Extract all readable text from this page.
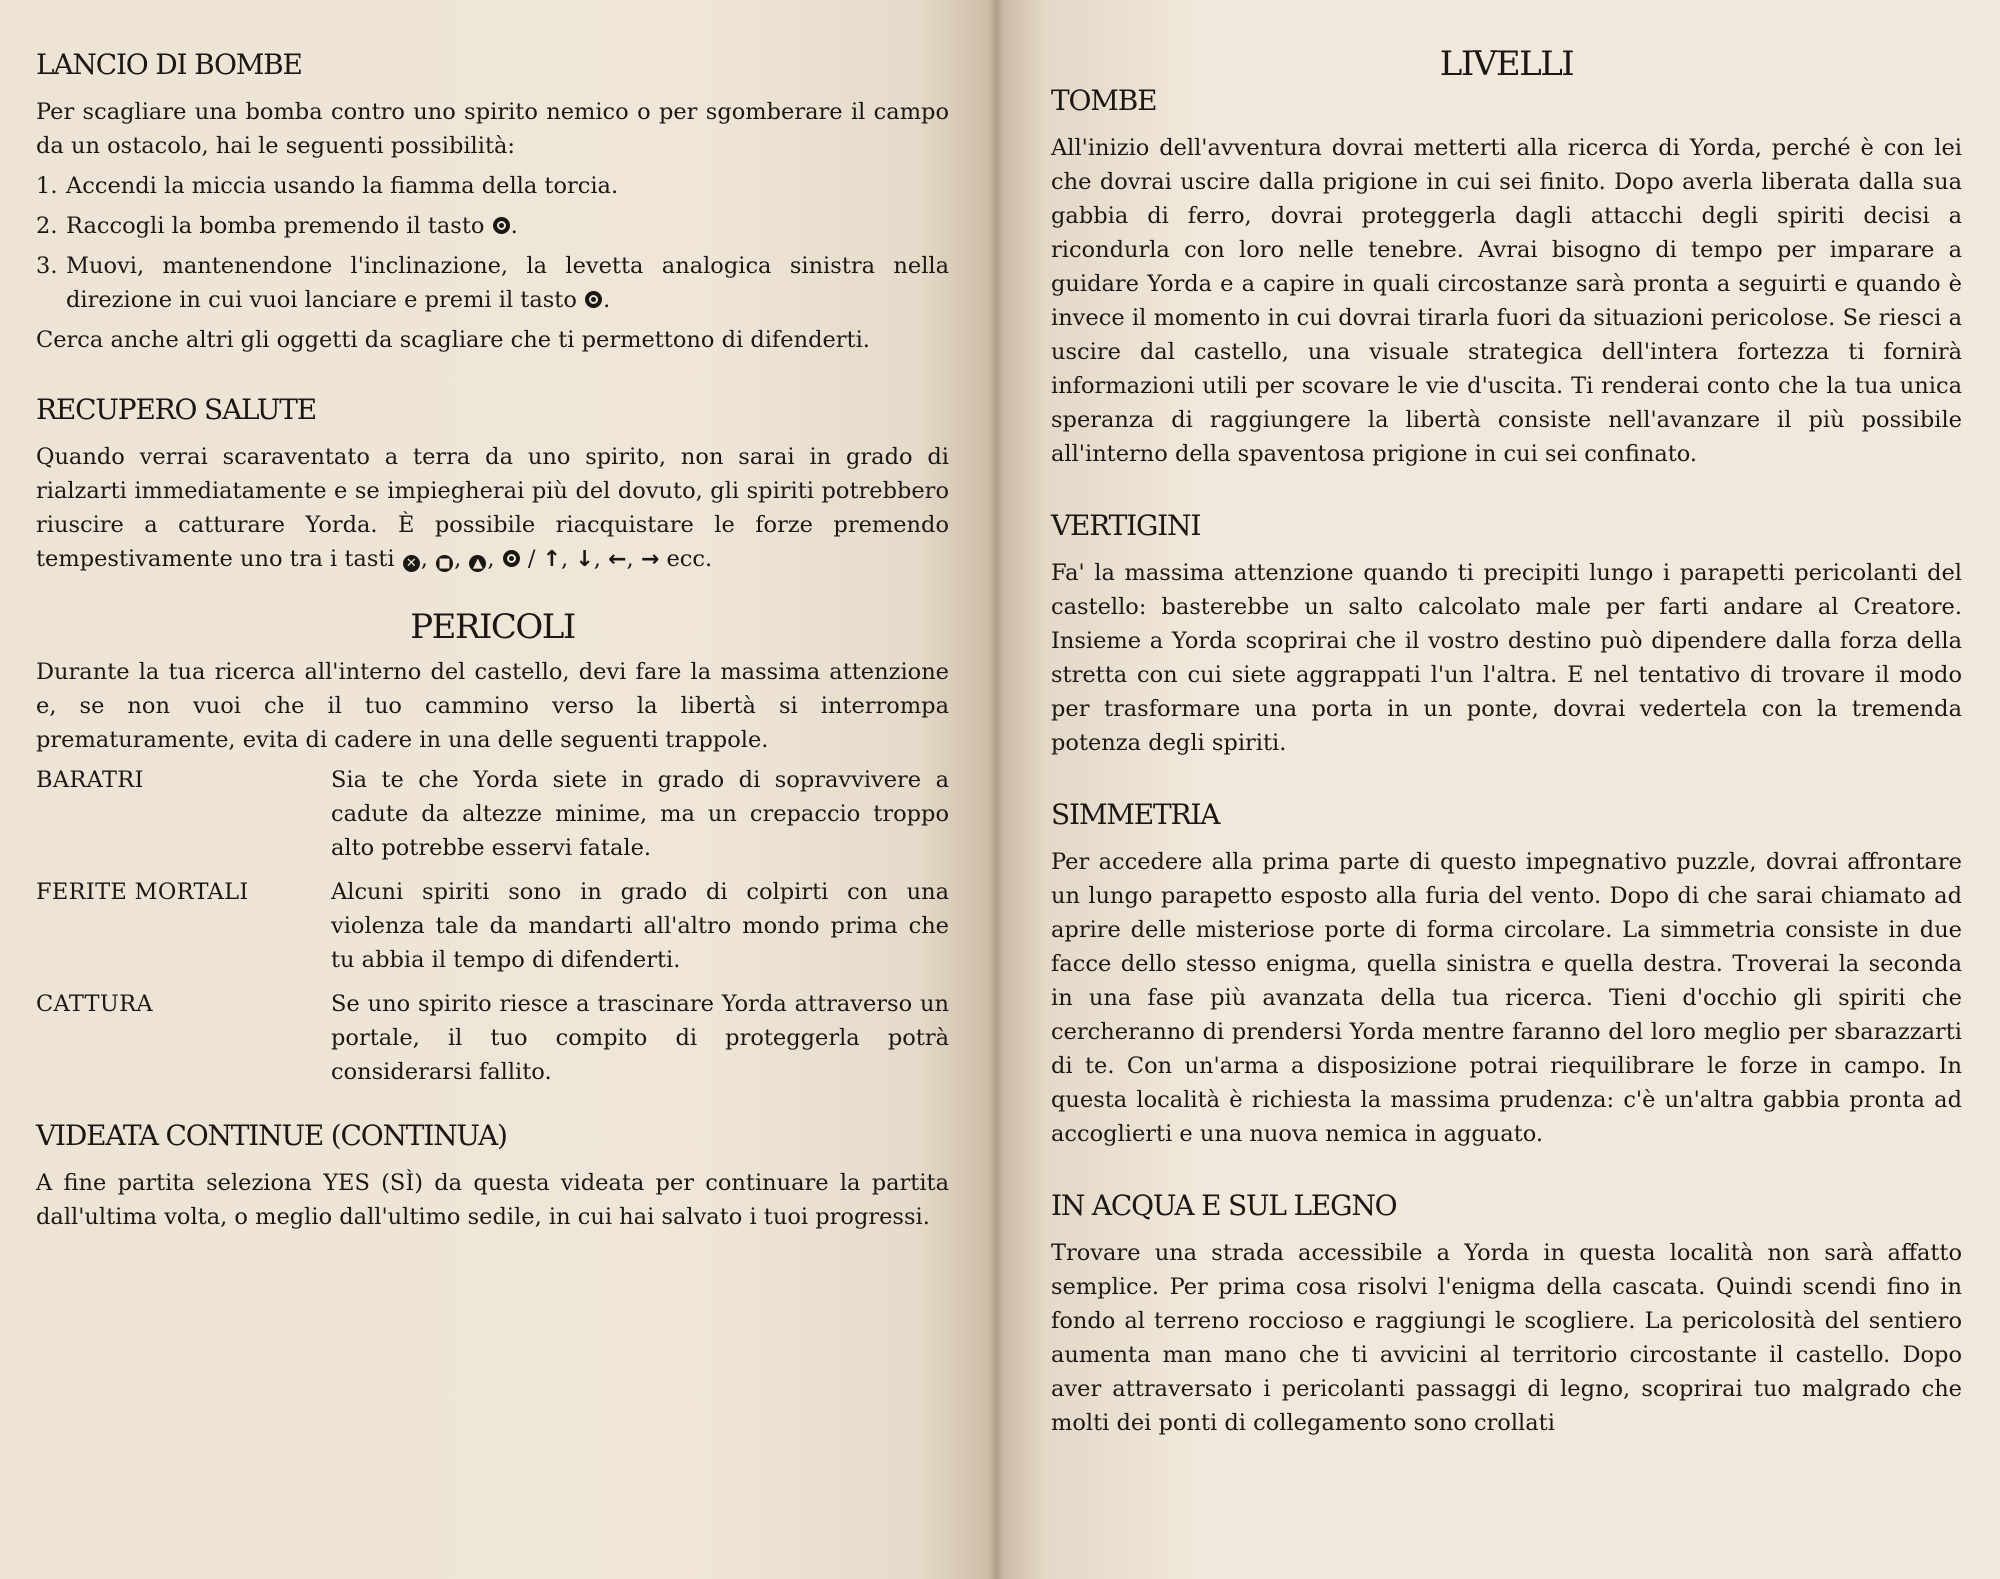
LANCIO DI BOMBE

Per scagliare una bomba contro uno spirito nemico o per sgomberare il campo da un ostacolo, hai le seguenti possibilità:

1. Accendi la miccia usando la fiamma della torcia.
2. Raccogli la bomba premendo il tasto .
3. Muovi, mantenendone l'inclinazione, la levetta analogica sinistra nella direzione in cui vuoi lanciare e premi il tasto .

Cerca anche altri gli oggetti da scagliare che ti permettono di difenderti.

RECUPERO SALUTE

Quando verrai scaraventato a terra da uno spirito, non sarai in grado di rialzarti immediatamente e se impiegherai più del dovuto, gli spiriti potrebbero riuscire a catturare Yorda. È possibile riacquistare le forze premendo tempestivamente uno tra i tasti ✕ , ■ , ▲ ,  / ↑, ↓, ←, → ecc.

PERICOLI

Durante la tua ricerca all'interno del castello, devi fare la massima attenzione e, se non vuoi che il tuo cammino verso la libertà si interrompa prematuramente, evita di cadere in una delle seguenti trappole.

BARATRI	Sia te che Yorda siete in grado di sopravvivere a cadute da altezze minime, ma un crepaccio troppo alto potrebbe esservi fatale.
FERITE MORTALI	Alcuni spiriti sono in grado di colpirti con una violenza tale da mandarti all'altro mondo prima che tu abbia il tempo di difenderti.
CATTURA	Se uno spirito riesce a trascinare Yorda attraverso un portale, il tuo compito di proteggerla potrà considerarsi fallito.
VIDEATA CONTINUE (CONTINUA)

A fine partita seleziona YES (SÌ) da questa videata per continuare la partita dall'ultima volta, o meglio dall'ultimo sedile, in cui hai salvato i tuoi progressi.

LIVELLI
TOMBE

All'inizio dell'avventura dovrai metterti alla ricerca di Yorda, perché è con lei che dovrai uscire dalla prigione in cui sei finito. Dopo averla liberata dalla sua gabbia di ferro, dovrai proteggerla dagli attacchi degli spiriti decisi a ricondurla con loro nelle tenebre. Avrai bisogno di tempo per imparare a guidare Yorda e a capire in quali circostanze sarà pronta a seguirti e quando è invece il momento in cui dovrai tirarla fuori da situazioni pericolose. Se riesci a uscire dal castello, una visuale strategica dell'intera fortezza ti fornirà informazioni utili per scovare le vie d'uscita. Ti renderai conto che la tua unica speranza di raggiungere la libertà consiste nell'avanzare il più possibile all'interno della spaventosa prigione in cui sei confinato.

VERTIGINI

Fa' la massima attenzione quando ti precipiti lungo i parapetti pericolanti del castello: basterebbe un salto calcolato male per farti andare al Creatore. Insieme a Yorda scoprirai che il vostro destino può dipendere dalla forza della stretta con cui siete aggrappati l'un l'altra. E nel tentativo di trovare il modo per trasformare una porta in un ponte, dovrai vedertela con la tremenda potenza degli spiriti.

SIMMETRIA

Per accedere alla prima parte di questo impegnativo puzzle, dovrai affrontare un lungo parapetto esposto alla furia del vento. Dopo di che sarai chiamato ad aprire delle misteriose porte di forma circolare. La simmetria consiste in due facce dello stesso enigma, quella sinistra e quella destra. Troverai la seconda in una fase più avanzata della tua ricerca. Tieni d'occhio gli spiriti che cercheranno di prendersi Yorda mentre faranno del loro meglio per sbarazzarti di te. Con un'arma a disposizione potrai riequilibrare le forze in campo. In questa località è richiesta la massima prudenza: c'è un'altra gabbia pronta ad accoglierti e una nuova nemica in agguato.

IN ACQUA E SUL LEGNO

Trovare una strada accessibile a Yorda in questa località non sarà affatto semplice. Per prima cosa risolvi l'enigma della cascata. Quindi scendi fino in fondo al terreno roccioso e raggiungi le scogliere. La pericolosità del sentiero aumenta man mano che ti avvicini al territorio circostante il castello. Dopo aver attraversato i pericolanti passaggi di legno, scoprirai tuo malgrado che molti dei ponti di collegamento sono crollati
